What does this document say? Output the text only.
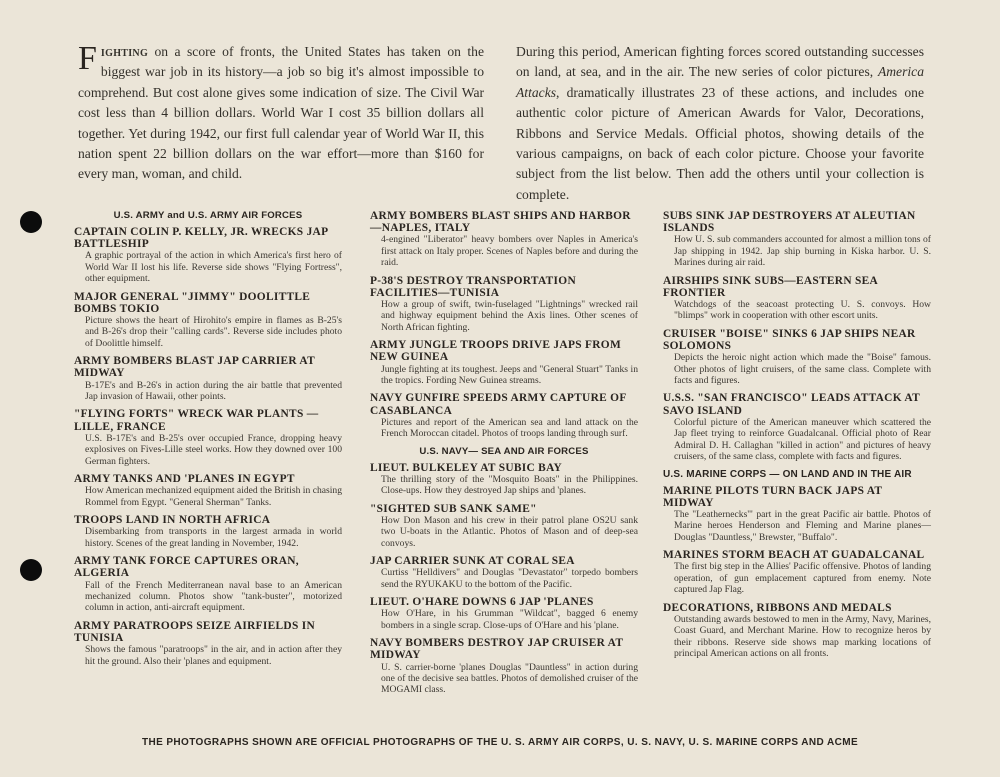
Fighting on a score of fronts, the United States has taken on the biggest war job in its history—a job so big it's almost impossible to comprehend. But cost alone gives some indication of size. The Civil War cost less than 4 billion dollars. World War I cost 35 billion dollars all together. Yet during 1942, our first full calendar year of World War II, this nation spent 22 billion dollars on the war effort—more than $160 for every man, woman, and child.
During this period, American fighting forces scored outstanding successes on land, at sea, and in the air. The new series of color pictures, America Attacks, dramatically illustrates 23 of these actions, and includes one authentic color picture of American Awards for Valor, Decorations, Ribbons and Service Medals. Official photos, showing details of the various campaigns, on back of each color picture. Choose your favorite subject from the list below. Then add the others until your collection is complete.
U.S. ARMY and U.S. ARMY AIR FORCES
CAPTAIN COLIN P. KELLY, JR. WRECKS JAP BATTLESHIP
A graphic portrayal of the action in which America's first hero of World War II lost his life. Reverse side shows "Flying Fortress", other equipment.
MAJOR GENERAL "JIMMY" DOOLITTLE BOMBS TOKIO
Picture shows the heart of Hirohito's empire in flames as B-25's and B-26's drop their "calling cards". Reverse side includes photo of Doolittle himself.
ARMY BOMBERS BLAST JAP CARRIER AT MIDWAY
B-17E's and B-26's in action during the air battle that prevented Jap invasion of Hawaii, other points.
"FLYING FORTS" WRECK WAR PLANTS —LILLE, FRANCE
U.S. B-17E's and B-25's over occupied France, dropping heavy explosives on Fives-Lille steel works. How they downed over 100 German fighters.
ARMY TANKS AND 'PLANES IN EGYPT
How American mechanized equipment aided the British in chasing Rommel from Egypt. "General Sherman" Tanks.
TROOPS LAND IN NORTH AFRICA
Disembarking from transports in the largest armada in world history. Scenes of the great landing in November, 1942.
ARMY TANK FORCE CAPTURES ORAN, ALGERIA
Fall of the French Mediterranean naval base to an American mechanized column. Photos show "tank-buster", motorized column in action, anti-aircraft equipment.
ARMY PARATROOPS SEIZE AIRFIELDS IN TUNISIA
Shows the famous "paratroops" in the air, and in action after they hit the ground. Also their 'planes and equipment.
ARMY BOMBERS BLAST SHIPS AND HARBOR—NAPLES, ITALY
4-engined "Liberator" heavy bombers over Naples in America's first attack on Italy proper. Scenes of Naples before and during the raid.
P-38'S DESTROY TRANSPORTATION FACILITIES—TUNISIA
How a group of swift, twin-fuselaged "Lightnings" wrecked rail and highway equipment behind the Axis lines. Other scenes of North African fighting.
ARMY JUNGLE TROOPS DRIVE JAPS FROM NEW GUINEA
Jungle fighting at its toughest. Jeeps and "General Stuart" Tanks in the tropics. Fording New Guinea streams.
NAVY GUNFIRE SPEEDS ARMY CAPTURE OF CASABLANCA
Pictures and report of the American sea and land attack on the French Moroccan citadel. Photos of troops landing through surf.
U.S. NAVY— SEA AND AIR FORCES
LIEUT. BULKELEY AT SUBIC BAY
The thrilling story of the "Mosquito Boats" in the Philippines. Close-ups. How they destroyed Jap ships and 'planes.
"SIGHTED SUB SANK SAME"
How Don Mason and his crew in their patrol plane OS2U sank two U-boats in the Atlantic. Photos of Mason and of deep-sea convoys.
JAP CARRIER SUNK AT CORAL SEA
Curtiss "Helldivers" and Douglas "Devastator" torpedo bombers send the RYUKAKU to the bottom of the Pacific.
LIEUT. O'HARE DOWNS 6 JAP 'PLANES
How O'Hare, in his Grumman "Wildcat", bagged 6 enemy bombers in a single scrap. Close-ups of O'Hare and his 'plane.
NAVY BOMBERS DESTROY JAP CRUISER AT MIDWAY
U. S. carrier-borne 'planes Douglas "Dauntless" in action during one of the decisive sea battles. Photos of demolished cruiser of the MOGAMI class.
SUBS SINK JAP DESTROYERS AT ALEUTIAN ISLANDS
How U. S. sub commanders accounted for almost a million tons of Jap shipping in 1942. Jap ship burning in Kiska harbor. U. S. Marines during air raid.
AIRSHIPS SINK SUBS—EASTERN SEA FRONTIER
Watchdogs of the seacoast protecting U. S. convoys. How "blimps" work in cooperation with other escort units.
CRUISER "BOISE" SINKS 6 JAP SHIPS NEAR SOLOMONS
Depicts the heroic night action which made the "Boise" famous. Other photos of light cruisers, of the same class. Complete with facts and figures.
U.S.S. "SAN FRANCISCO" LEADS ATTACK AT SAVO ISLAND
Colorful picture of the American maneuver which scattered the Jap fleet trying to reinforce Guadalcanal. Official photo of Rear Admiral D. H. Callaghan "killed in action" and pictures of heavy cruisers, of the same class, complete with facts and figures.
U.S. MARINE CORPS — ON LAND AND IN THE AIR
MARINE PILOTS TURN BACK JAPS AT MIDWAY
The "Leathernecks'" part in the great Pacific air battle. Photos of Marine heroes Henderson and Fleming and Marine planes—Douglas "Dauntless," Brewster, "Buffalo".
MARINES STORM BEACH AT GUADALCANAL
The first big step in the Allies' Pacific offensive. Photos of landing operation, of gun emplacement captured from enemy. Note captured Jap Flag.
DECORATIONS, RIBBONS AND MEDALS
Outstanding awards bestowed to men in the Army, Navy, Marines, Coast Guard, and Merchant Marine. How to recognize heros by their ribbons. Reserve side shows map marking locations of principal American actions on all fronts.
THE PHOTOGRAPHS SHOWN ARE OFFICIAL PHOTOGRAPHS OF THE U. S. ARMY AIR CORPS, U. S. NAVY, U. S. MARINE CORPS AND ACME
